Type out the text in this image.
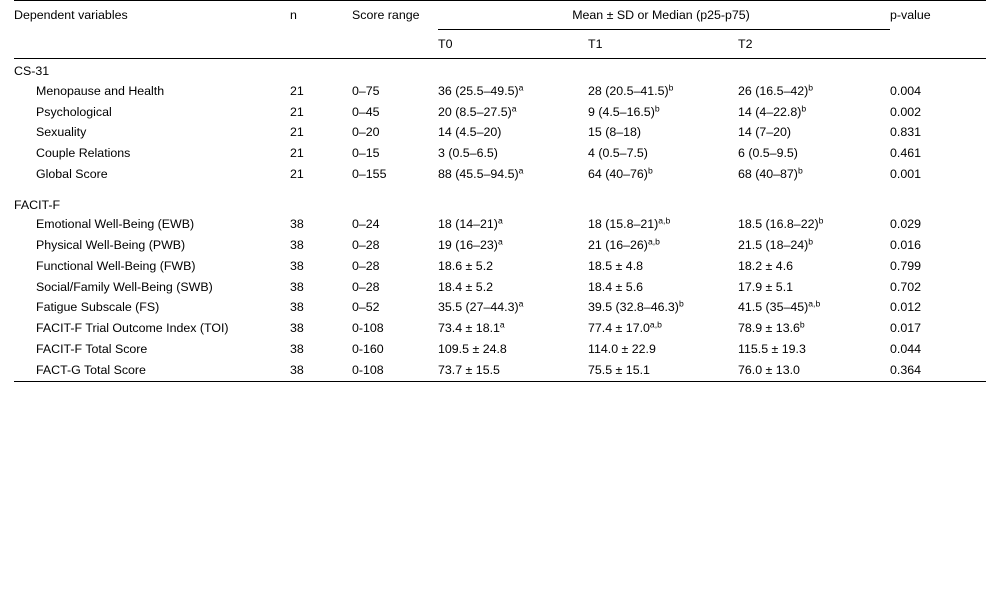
Dependent variables	n	Score range	Mean ± SD or Median (p25-p75)			p-value
			T0	T1	T2	
CS-31						
Menopause and Health	21	0–75	36 $(25.5-49.5)^a$	28 $(20.5-41.5)^b$	26 $(16.5-42)^b$	0.004
Psychological	21	0–45	20 $(8.5-27.5)^a$	9 $(4.5-16.5)^b$	14 $(4-22.8)^b$	0.002
Sexuality	21	0–20	14 (4.5–20)	15 (8–18)	14 (7–20)	0.831
Couple Relations	21	0–15	3 (0.5–6.5)	4 (0.5–7.5)	6 (0.5–9.5)	0.461
Global Score	21	0–155	88 $(45.5-94.5)^a$	64 $(40-76)^b$	68 $(40-87)^b$	0.001

FACIT-F						
Emotional Well-Being (EWB)	38	0–24	18 $(14-21)^a$	18 $(15.8-21)^{a,b}$	18.5 $(16.8-22)^b$	0.029
Physical Well-Being (PWB)	38	0–28	19 $(16-23)^a$	21 $(16-26)^{a,b}$	21.5 $(18-24)^b$	0.016
Functional Well-Being (FWB)	38	0–28	18.6 ± 5.2	18.5 ± 4.8	18.2 ± 4.6	0.799
Social/Family Well-Being (SWB)	38	0–28	18.4 ± 5.2	18.4 ± 5.6	17.9 ± 5.1	0.702
Fatigue Subscale (FS)	38	0–52	35.5 $(27-44.3)^a$	39.5 $(32.8-46.3)^b$	41.5 $(35-45)^{a,b}$	0.012
FACIT-F Trial Outcome Index (TOI)	38	0-108	73.4 ± 18.1$^a$	$77.4 \pm 17.0^{a,b}$	78.9 ± 13.6$^b$	0.017
FACIT-F Total Score	38	0-160	109.5 ± 24.8	114.0 ± 22.9	115.5 ± 19.3	0.044
FACT-G Total Score	38	0-108	73.7 ± 15.5	75.5 ± 15.1	76.0 ± 13.0	0.364
